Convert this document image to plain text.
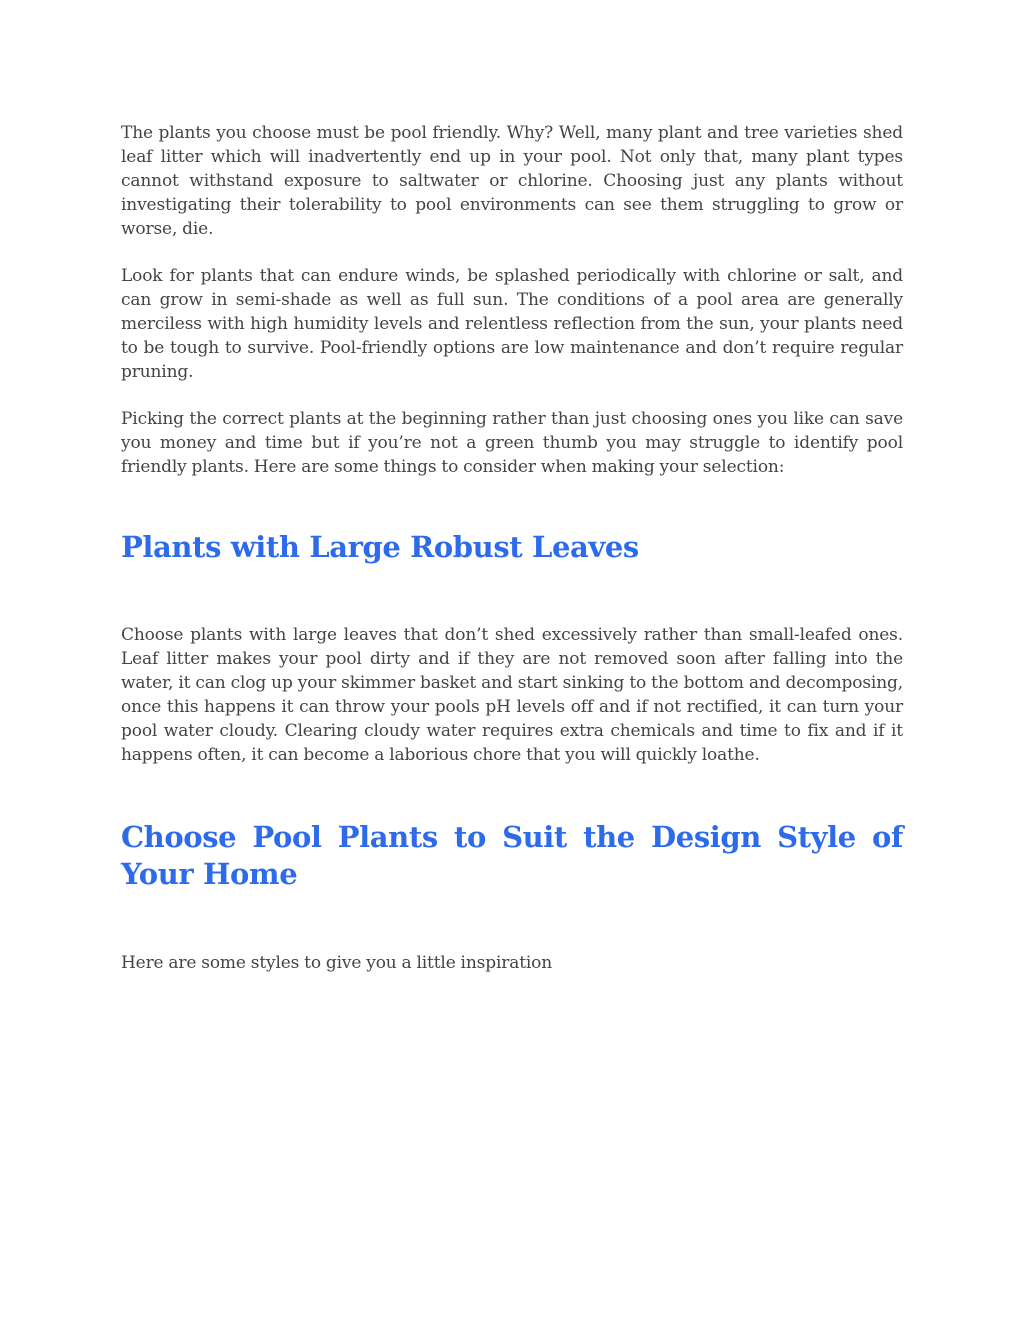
The plants you choose must be pool friendly. Why? Well, many plant and tree varieties shed leaf litter which will inadvertently end up in your pool. Not only that, many plant types cannot withstand exposure to saltwater or chlorine. Choosing just any plants without investigating their tolerability to pool environments can see them struggling to grow or worse, die.

Look for plants that can endure winds, be splashed periodically with chlorine or salt, and can grow in semi-shade as well as full sun. The conditions of a pool area are generally merciless with high humidity levels and relentless reflection from the sun, your plants need to be tough to survive. Pool-friendly options are low maintenance and don’t require regular pruning.

Picking the correct plants at the beginning rather than just choosing ones you like can save you money and time but if you’re not a green thumb you may struggle to identify pool friendly plants. Here are some things to consider when making your selection:

Plants with Large Robust Leaves

Choose plants with large leaves that don’t shed excessively rather than small-leafed ones. Leaf litter makes your pool dirty and if they are not removed soon after falling into the water, it can clog up your skimmer basket and start sinking to the bottom and decomposing, once this happens it can throw your pools pH levels off and if not rectified, it can turn your pool water cloudy. Clearing cloudy water requires extra chemicals and time to fix and if it happens often, it can become a laborious chore that you will quickly loathe.

Choose Pool Plants to Suit the Design Style of Your Home

Here are some styles to give you a little inspiration
